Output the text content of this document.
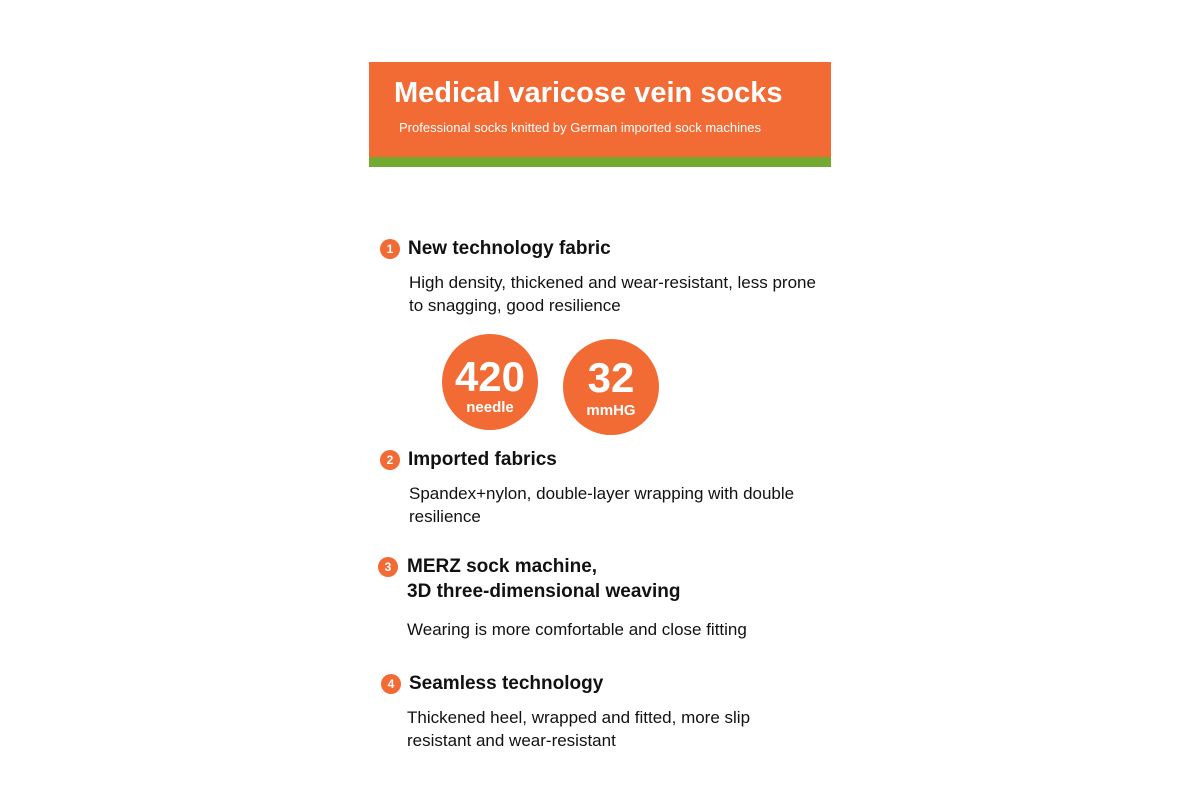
Medical varicose vein socks
Professional socks knitted by German imported sock machines
1 New technology fabric
High density, thickened and wear-resistant, less prone to snagging, good resilience
420
needle
32
mmHG
2 Imported fabrics
Spandex+nylon, double-layer wrapping with double resilience
3 MERZ sock machine,
3D three-dimensional weaving
Wearing is more comfortable and close fitting
4 Seamless technology
Thickened heel, wrapped and fitted, more slip resistant and wear-resistant
